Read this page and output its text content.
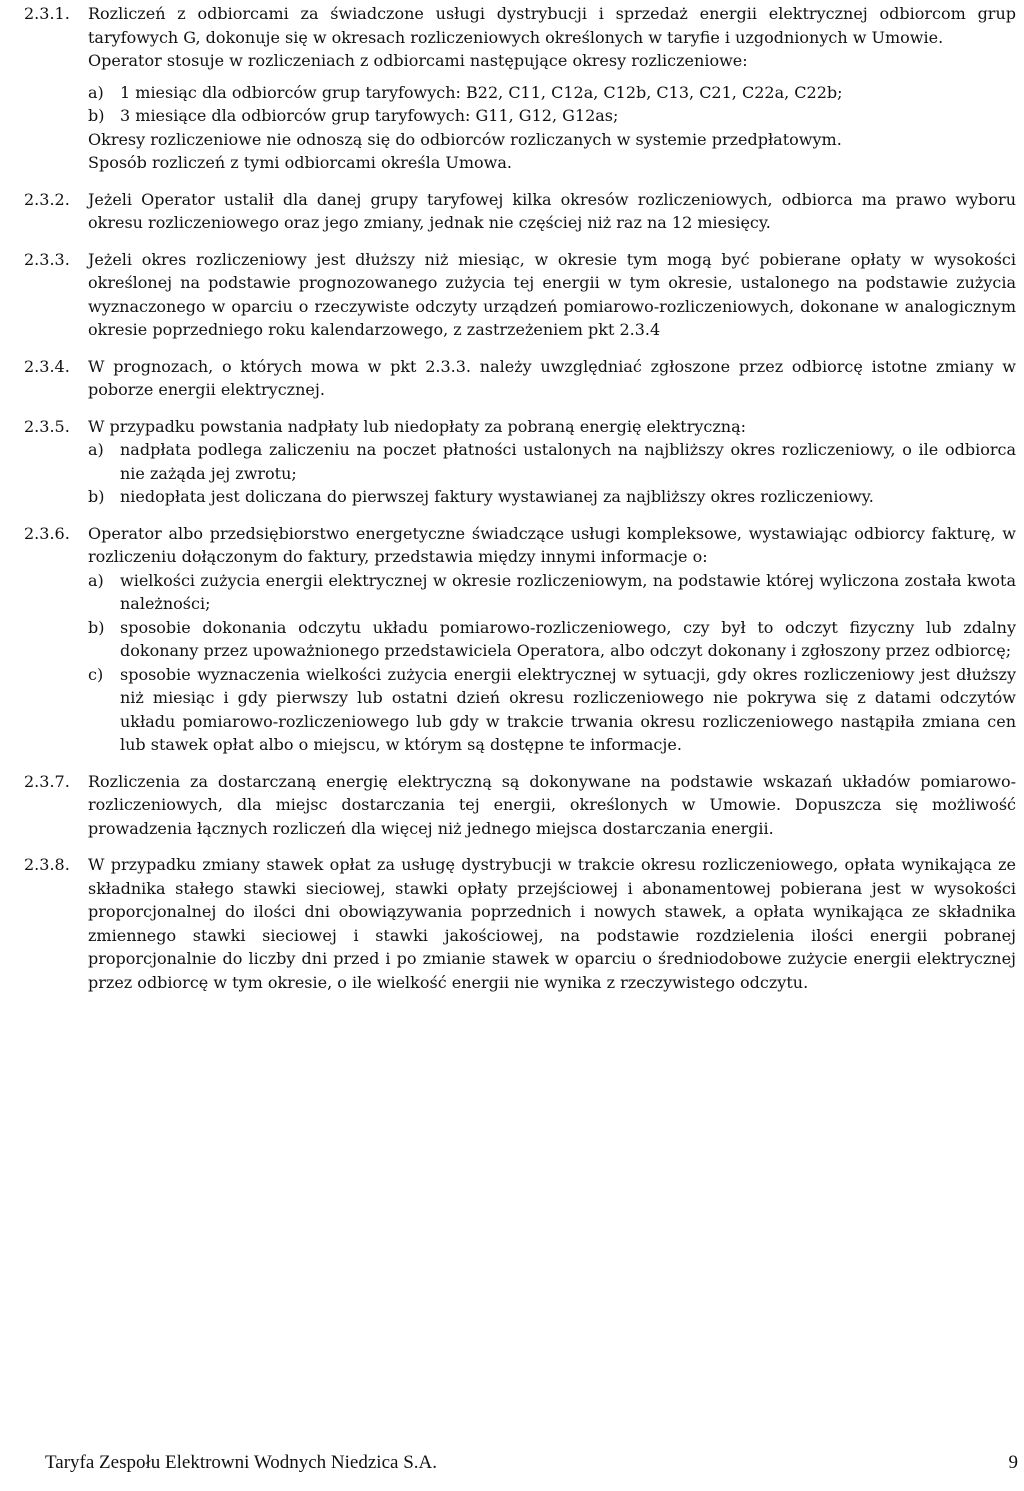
2.3.1.	Rozliczeń z odbiorcami za świadczone usługi dystrybucji i sprzedaż energii elektrycznej odbiorcom grup taryfowych G, dokonuje się w okresach rozliczeniowych określonych w taryfie i uzgodnionych w Umowie.

Operator stosuje w rozliczeniach z odbiorcami następujące okresy rozliczeniowe:

a)	1 miesiąc dla odbiorców grup taryfowych: B22, C11, C12a, C12b, C13, C21, C22a, C22b;
b) 3 miesiące dla odbiorców grup taryfowych: G11, G12, G12as;

Okresy rozliczeniowe nie odnoszą się do odbiorców rozliczanych w systemie przedpłatowym.

Sposób rozliczeń z tymi odbiorcami określa Umowa.

2.3.2.	Jeżeli Operator ustalił dla danej grupy taryfowej kilka okresów rozliczeniowych, odbiorca ma prawo wyboru okresu rozliczeniowego oraz jego zmiany, jednak nie częściej niż raz na 12 miesięcy.

2.3.3.	Jeżeli okres rozliczeniowy jest dłuższy niż miesiąc, w okresie tym mogą być pobierane opłaty w wysokości określonej na podstawie prognozowanego zużycia tej energii w tym okresie, ustalonego na podstawie zużycia wyznaczonego w oparciu o rzeczywiste odczyty urządzeń pomiarowo-rozliczeniowych, dokonane w analogicznym okresie poprzedniego roku kalendarzowego, z zastrzeżeniem pkt 2.3.4

2.3.4.	W prognozach, o których mowa w pkt 2.3.3. należy uwzględniać zgłoszone przez odbiorcę istotne zmiany w poborze energii elektrycznej.

2.3.5.	W przypadku powstania nadpłaty lub niedopłaty za pobraną energię elektryczną:

a)	nadpłata podlega zaliczeniu na poczet płatności ustalonych na najbliższy okres rozliczeniowy, o ile odbiorca nie zażąda jej zwrotu;
b) niedopłata jest doliczana do pierwszej faktury wystawianej za najbliższy okres rozliczeniowy.
2.3.6.	Operator albo przedsiębiorstwo energetyczne świadczące usługi kompleksowe, wystawiając odbiorcy fakturę, w rozliczeniu dołączonym do faktury, przedstawia między innymi informacje o:

a)	wielkości zużycia energii elektrycznej w okresie rozliczeniowym, na podstawie której wyliczona została kwota należności;
b) sposobie dokonania odczytu układu pomiarowo-rozliczeniowego, czy był to odczyt fizyczny lub zdalny dokonany przez upoważnionego przedstawiciela Operatora, albo odczyt dokonany i zgłoszony przez odbiorcę;
c)	sposobie wyznaczenia wielkości zużycia energii elektrycznej w sytuacji, gdy okres rozliczeniowy jest dłuższy niż miesiąc i gdy pierwszy lub ostatni dzień okresu rozliczeniowego nie pokrywa się z datami odczytów układu pomiarowo-rozliczeniowego lub gdy w trakcie trwania okresu rozliczeniowego nastąpiła zmiana cen lub stawek opłat albo o miejscu, w którym są dostępne te informacje.
2.3.7.	Rozliczenia za dostarczaną energię elektryczną są dokonywane na podstawie wskazań układów pomiarowo-rozliczeniowych, dla miejsc dostarczania tej energii, określonych w Umowie. Dopuszcza się możliwość prowadzenia łącznych rozliczeń dla więcej niż jednego miejsca dostarczania energii.

2.3.8.	W przypadku zmiany stawek opłat za usługę dystrybucji w trakcie okresu rozliczeniowego, opłata wynikająca ze składnika stałego stawki sieciowej, stawki opłaty przejściowej i abonamentowej pobierana jest w wysokości proporcjonalnej do ilości dni obowiązywania poprzednich i nowych stawek, a opłata wynikająca ze składnika zmiennego stawki sieciowej i stawki jakościowej, na podstawie rozdzielenia ilości energii pobranej proporcjonalnie do liczby dni przed i po zmianie stawek w oparciu o średniodobowe zużycie energii elektrycznej przez odbiorcę w tym okresie, o ile wielkość energii nie wynika z rzeczywistego odczytu.

Taryfa Zespołu Elektrowni Wodnych Niedzica S.A.	9
